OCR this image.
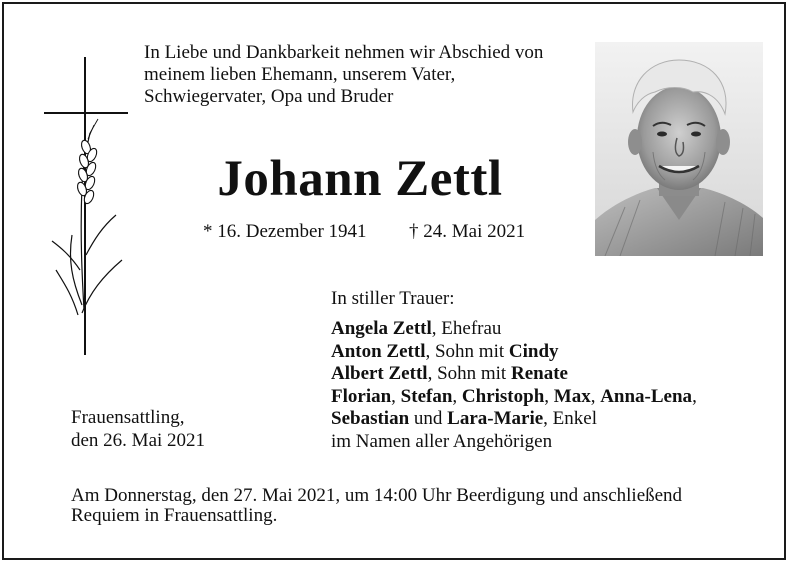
In Liebe und Dankbarkeit nehmen wir Abschied von
meinem lieben Ehemann, unserem Vater,
Schwiegervater, Opa und Bruder
Johann Zettl
* 16. Dezember 1941 † 24. Mai 2021
In stiller Trauer:
Angela Zettl, Ehefrau
Anton Zettl, Sohn mit Cindy
Albert Zettl, Sohn mit Renate
Florian, Stefan, Christoph, Max, Anna-Lena,
Sebastian und Lara-Marie, Enkel
im Namen aller Angehörigen
Frauensattling,
den 26. Mai 2021
Am Donnerstag, den 27. Mai 2021, um 14:00 Uhr Beerdigung und anschließend
Requiem in Frauensattling.
